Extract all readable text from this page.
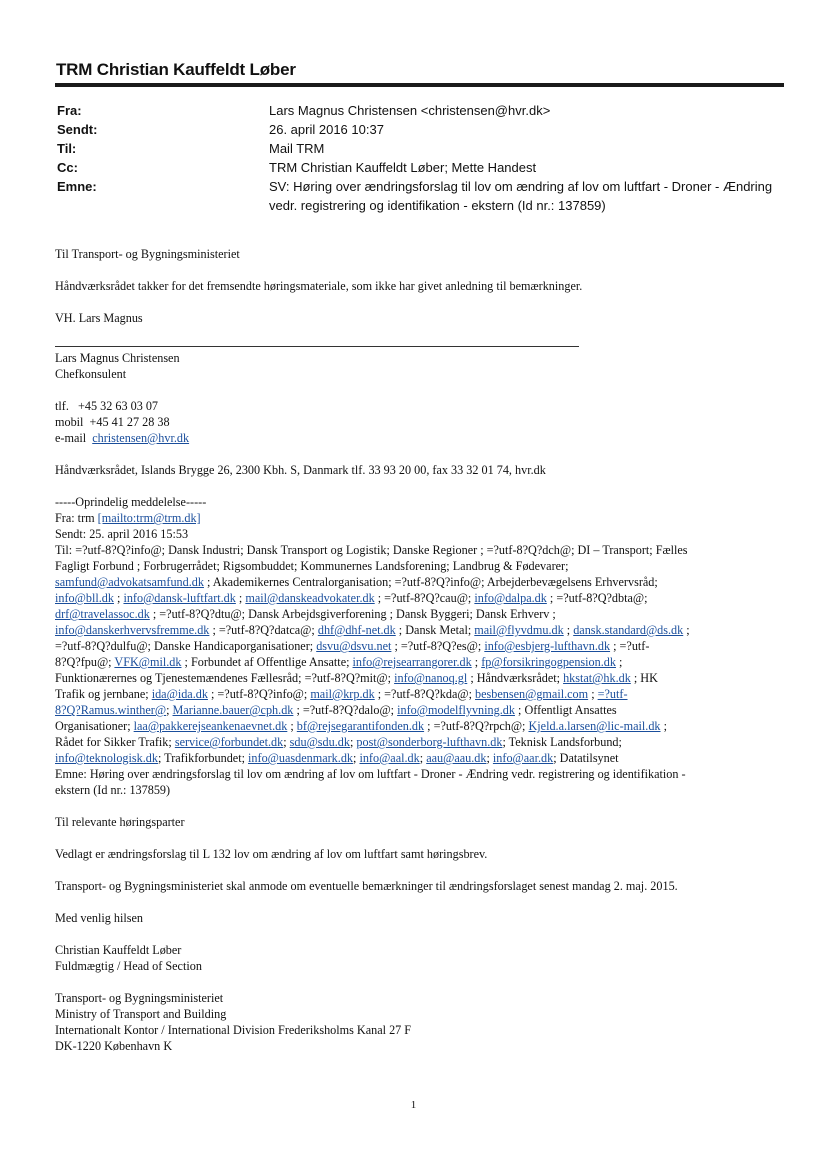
TRM Christian Kauffeldt Løber
Fra:	Lars Magnus Christensen <christensen@hvr.dk>
Sendt:	26. april 2016 10:37
Til:	Mail TRM
Cc:	TRM Christian Kauffeldt Løber; Mette Handest
Emne:	SV: Høring over ændringsforslag til lov om ændring af lov om luftfart - Droner - Ændring vedr. registrering og identifikation - ekstern (Id nr.: 137859)

Til Transport- og Bygningsministeriet

Håndværksrådet takker for det fremsendte høringsmateriale, som ikke har givet anledning til bemærkninger.

VH. Lars Magnus

Lars Magnus Christensen

Chefkonsulent

tlf.   +45 32 63 03 07

mobil  +45 41 27 28 38

e-mail christensen@hvr.dk

Håndværksrådet, Islands Brygge 26, 2300 Kbh. S, Danmark tlf. 33 93 20 00, fax 33 32 01 74, hvr.dk

-----Oprindelig meddelelse-----

Fra: trm [mailto:trm@trm.dk]

Sendt: 25. april 2016 15:53

Til: =?utf-8?Q?info@; Dansk Industri; Dansk Transport og Logistik; Danske Regioner ; =?utf-8?Q?dch@; DI – Transport; Fælles

Fagligt Forbund ; Forbrugerrådet; Rigsombuddet; Kommunernes Landsforening; Landbrug & Fødevarer;

samfund@advokatsamfund.dk ; Akademikernes Centralorganisation; =?utf-8?Q?info@; Arbejderbevægelsens Erhvervsråd;

info@bll.dk ; info@dansk-luftfart.dk ; mail@danskeadvokater.dk ; =?utf-8?Q?cau@; info@dalpa.dk ; =?utf-8?Q?dbta@;

drf@travelassoc.dk ; =?utf-8?Q?dtu@; Dansk Arbejdsgiverforening ; Dansk Byggeri; Dansk Erhverv ;

info@danskerhvervsfremme.dk ; =?utf-8?Q?datca@; dhf@dhf-net.dk ; Dansk Metal; mail@flyvdmu.dk ; dansk.standard@ds.dk ;

=?utf-8?Q?dulfu@; Danske Handicaporganisationer; dsvu@dsvu.net ; =?utf-8?Q?es@; info@esbjerg-lufthavn.dk ; =?utf-

8?Q?fpu@; VFK@mil.dk ; Forbundet af Offentlige Ansatte; info@rejsearrangorer.dk ; fp@forsikringogpension.dk ;

Funktionærernes og Tjenestemændenes Fællesråd; =?utf-8?Q?mit@; info@nanoq.gl ; Håndværksrådet; hkstat@hk.dk ; HK

Trafik og jernbane; ida@ida.dk ; =?utf-8?Q?info@; mail@krp.dk ; =?utf-8?Q?kda@; besbensen@gmail.com ; =?utf-

8?Q?Ramus.winther@; Marianne.bauer@cph.dk ; =?utf-8?Q?dalo@; info@modelflyvning.dk ; Offentligt Ansattes

Organisationer; laa@pakkerejseankenaevnet.dk ; bf@rejsegarantifonden.dk ; =?utf-8?Q?rpch@; Kjeld.a.larsen@lic-mail.dk ;

Rådet for Sikker Trafik; service@forbundet.dk; sdu@sdu.dk; post@sonderborg-lufthavn.dk; Teknisk Landsforbund;

info@teknologisk.dk; Trafikforbundet; info@uasdenmark.dk; info@aal.dk; aau@aau.dk; info@aar.dk; Datatilsynet

Emne: Høring over ændringsforslag til lov om ændring af lov om luftfart - Droner - Ændring vedr. registrering og identifikation -

ekstern (Id nr.: 137859)

Til relevante høringsparter

Vedlagt er ændringsforslag til L 132 lov om ændring af lov om luftfart samt høringsbrev.

Transport- og Bygningsministeriet skal anmode om eventuelle bemærkninger til ændringsforslaget senest mandag 2. maj. 2015.

Med venlig hilsen

Christian Kauffeldt Løber

Fuldmægtig / Head of Section

Transport- og Bygningsministeriet

Ministry of Transport and Building

Internationalt Kontor / International Division Frederiksholms Kanal 27 F

DK-1220 København K

1
